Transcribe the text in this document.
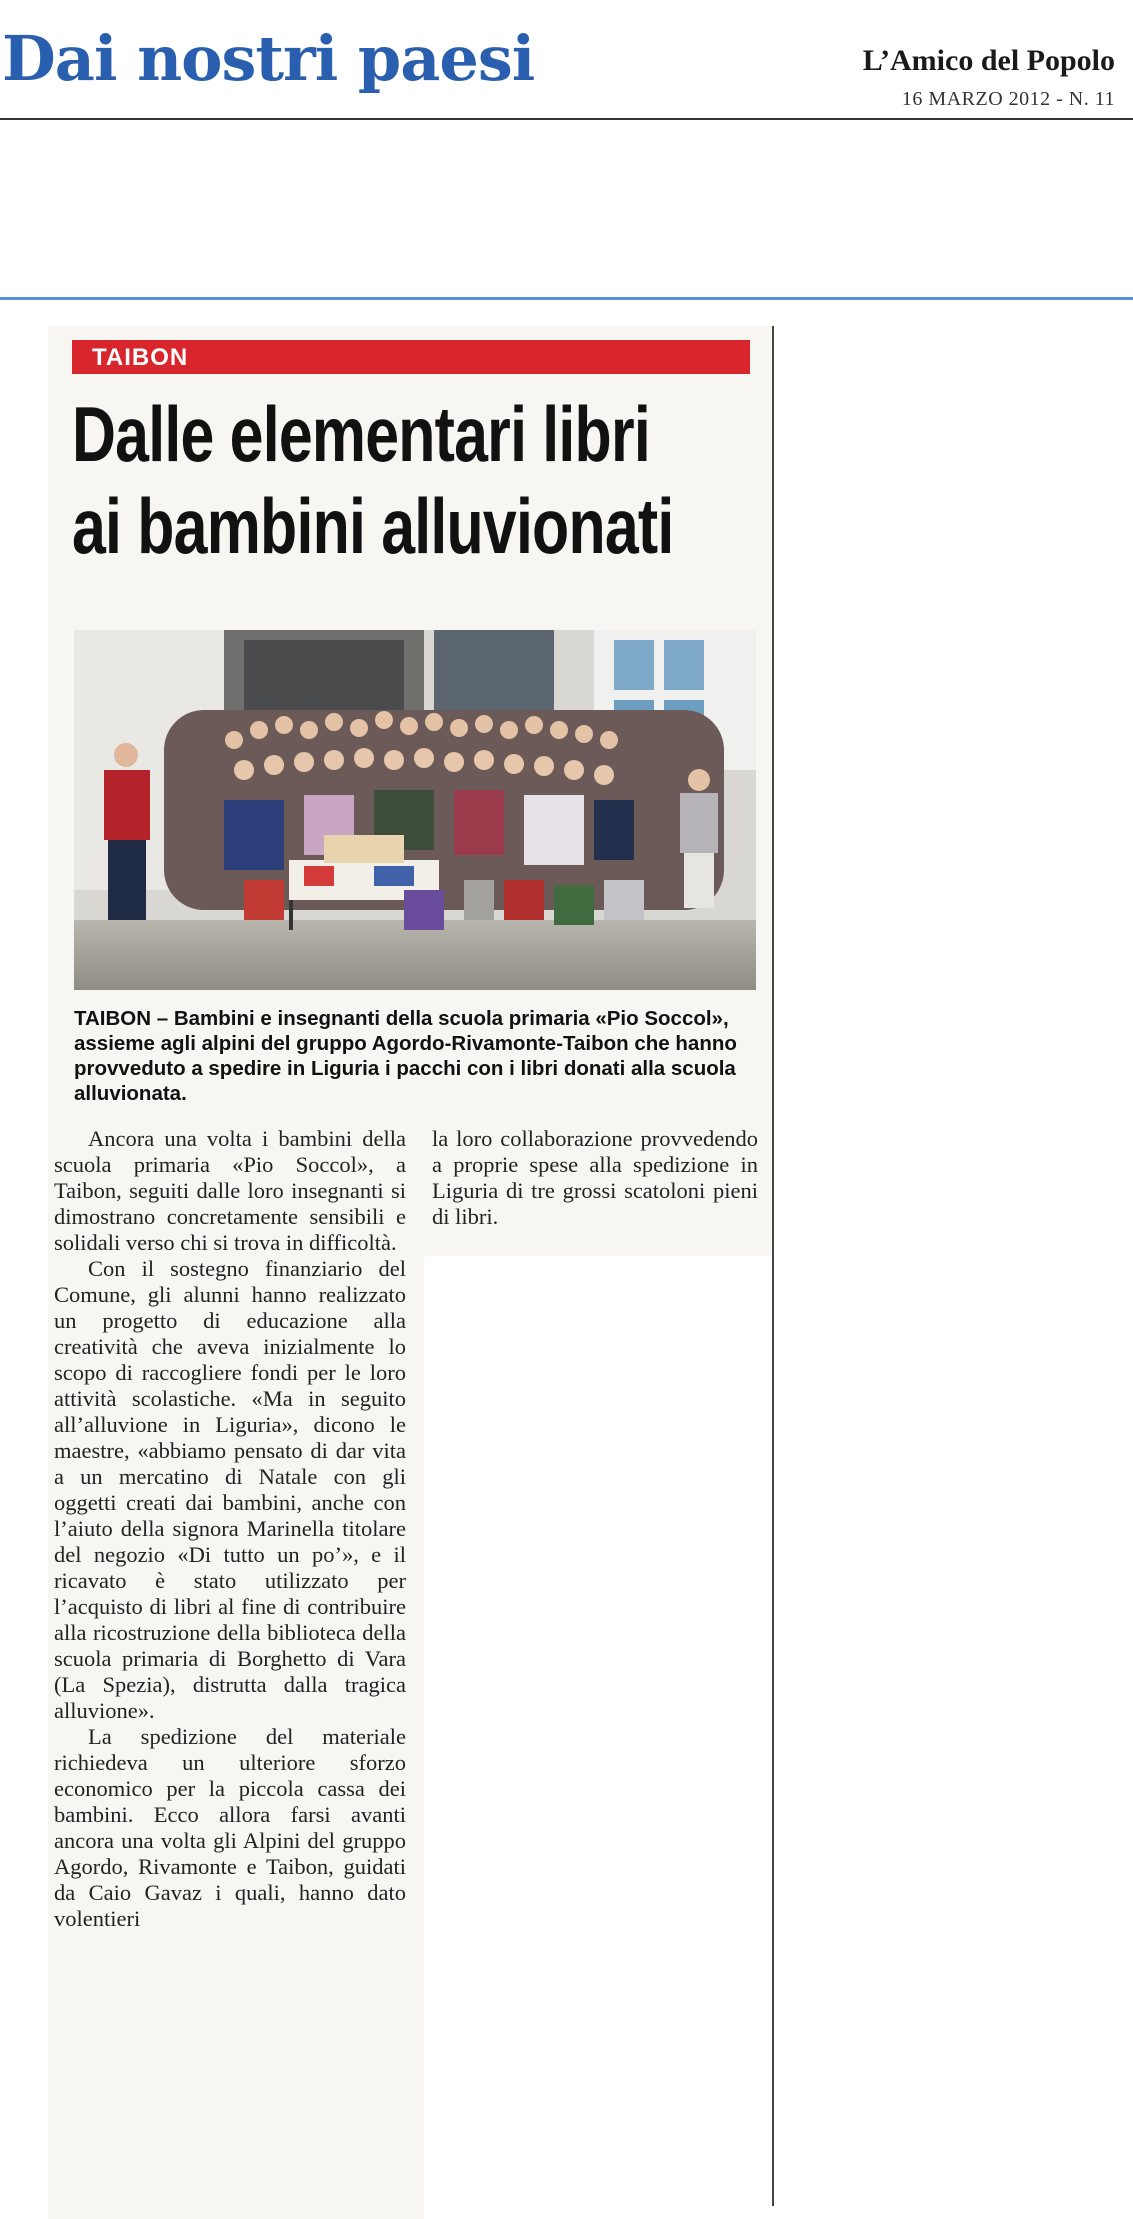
Dai nostri paesi	L’Amico del Popolo
16 MARZO 2012 - N. 11
TAIBON
Dalle elementari libri
ai bambini alluvionati
TAIBON – Bambini e insegnanti della scuola primaria «Pio Soccol», assieme agli alpini del gruppo Agordo-Rivamonte-Taibon che hanno provveduto a spedire in Liguria i pacchi con i libri donati alla scuola alluvionata.

Ancora una volta i bambini della scuola primaria «Pio Soccol», a Taibon, seguiti dalle loro insegnanti si dimostrano concretamente sensibili e solidali verso chi si trova in difficoltà.

Con il sostegno finanziario del Comune, gli alunni hanno realizzato un progetto di educazione alla creatività che aveva inizialmente lo scopo di raccogliere fondi per le loro attività scolastiche. «Ma in seguito all’alluvione in Liguria», dicono le maestre, «abbiamo pensato di dar vita a un mercatino di Natale con gli oggetti creati dai bambini, anche con l’aiuto della signora Marinella titolare del negozio «Di tutto un po’», e il ricavato è stato utilizzato per l’acquisto di libri al fine di contribuire alla ricostruzione della biblioteca della scuola primaria di Borghetto di Vara (La Spezia), distrutta dalla tragica alluvione».

La spedizione del materiale richiedeva un ulteriore sforzo economico per la piccola cassa dei bambini. Ecco allora farsi avanti ancora una volta gli Alpini del gruppo Agordo, Rivamonte e Taibon, guidati da Caio Gavaz i quali, hanno dato volentieri

la loro collaborazione provvedendo a proprie spese alla spedizione in Liguria di tre grossi scatoloni pieni di libri.
